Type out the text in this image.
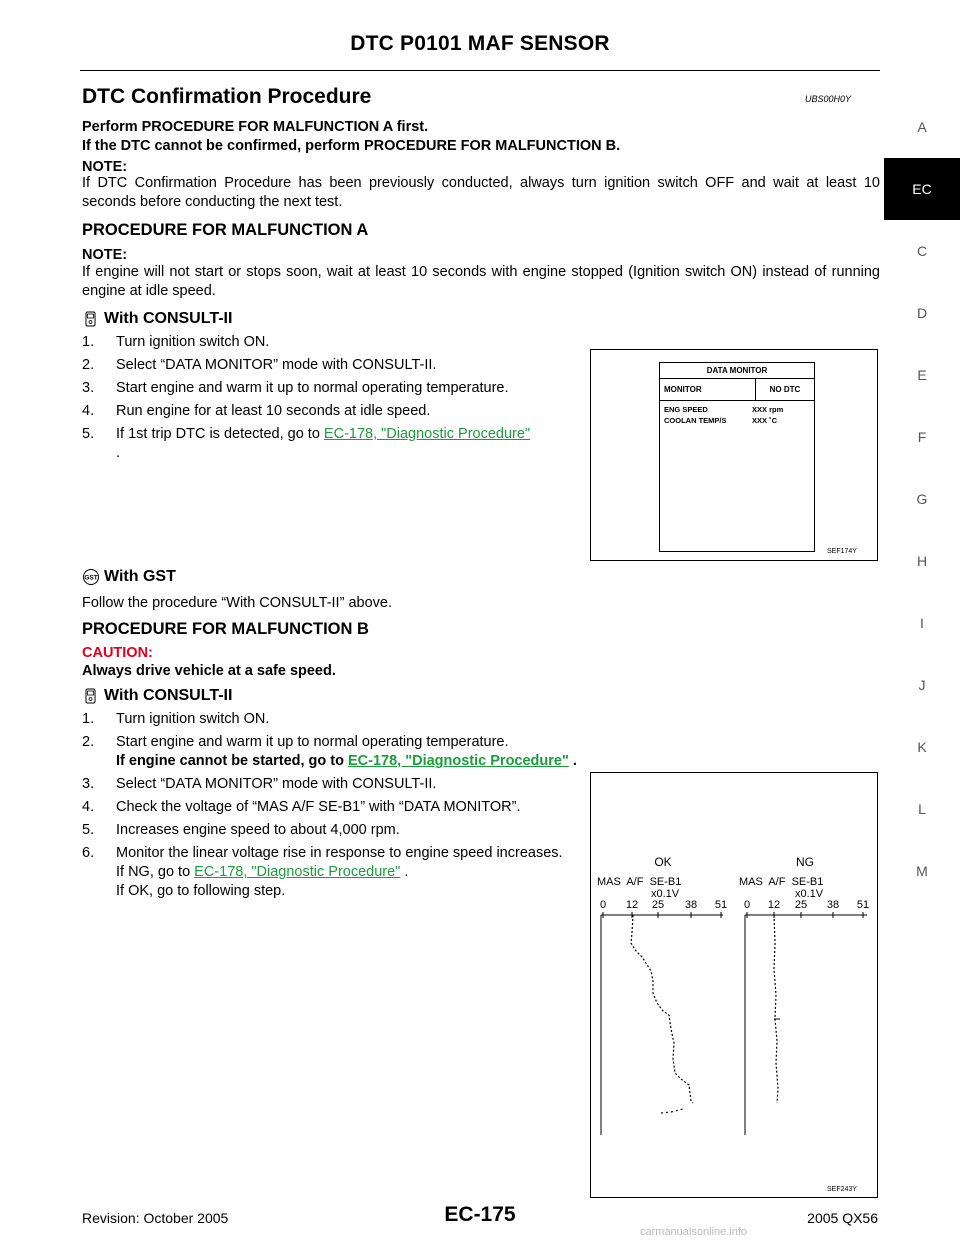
DTC P0101 MAF SENSOR
DTC Confirmation Procedure	UBS00H0Y
Perform PROCEDURE FOR MALFUNCTION A first.
If the DTC cannot be confirmed, perform PROCEDURE FOR MALFUNCTION B.
NOTE:
If DTC Confirmation Procedure has been previously conducted, always turn ignition switch OFF and wait at least 10 seconds before conducting the next test.
PROCEDURE FOR MALFUNCTION A
NOTE:
If engine will not start or stops soon, wait at least 10 seconds with engine stopped (Ignition switch ON) instead of running engine at idle speed.
With CONSULT-II
1.	Turn ignition switch ON.
2.	Select “DATA MONITOR” mode with CONSULT-II.
3.	Start engine and warm it up to normal operating temperature.
4.	Run engine for at least 10 seconds at idle speed.
5.	If 1st trip DTC is detected, go to EC-178, "Diagnostic Procedure"
.
DATA MONITOR
MONITOR	NO DTC
ENG SPEED	XXX rpm
COOLAN TEMP/S	XXX ˚C
SEF174Y
GST With GST
Follow the procedure “With CONSULT-II” above.
PROCEDURE FOR MALFUNCTION B
CAUTION:
Always drive vehicle at a safe speed.
With CONSULT-II
1.	Turn ignition switch ON.
2.	Start engine and warm it up to normal operating temperature.
If engine cannot be started, go to EC-178, "Diagnostic Procedure" .
3.	Select “DATA MONITOR” mode with CONSULT-II.
4.	Check the voltage of “MAS A/F SE-B1” with “DATA MONITOR”.
5.	Increases engine speed to about 4,000 rpm.
6.	Monitor the linear voltage rise in response to engine speed increases.
If NG, go to EC-178, "Diagnostic Procedure" .
If OK, go to following step.
OK	NG
MAS  A/F  SE-B1
x0.1V
MAS  A/F  SE-B1
x0.1V
0 12 25 38 51 0 12 25 38 51
SEF243Y
A
EC
C
D
E
F
G
H
I
J
K
L
M
Revision: October 2005	EC-175	2005 QX56
carmanualsonline.info
